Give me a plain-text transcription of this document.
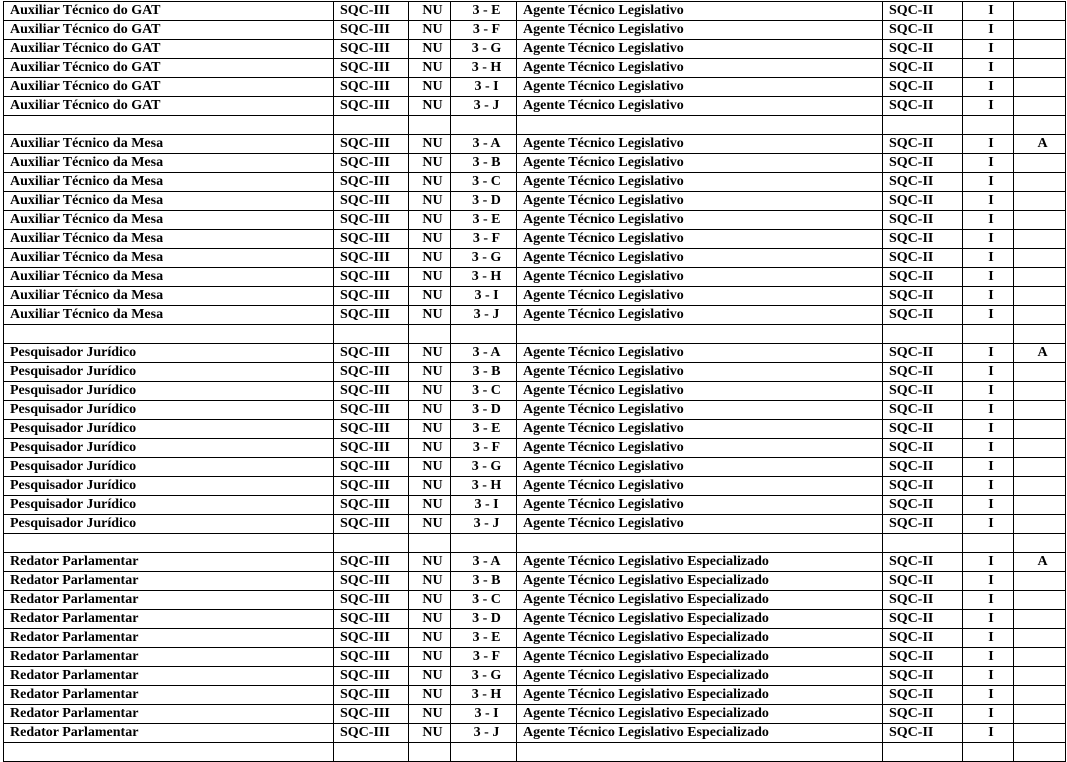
Auxiliar Técnico do GAT	SQC-III	NU	3 - E	Agente Técnico Legislativo	SQC-II	I	
Auxiliar Técnico do GAT	SQC-III	NU	3 - F	Agente Técnico Legislativo	SQC-II	I	
Auxiliar Técnico do GAT	SQC-III	NU	3 - G	Agente Técnico Legislativo	SQC-II	I	
Auxiliar Técnico do GAT	SQC-III	NU	3 - H	Agente Técnico Legislativo	SQC-II	I	
Auxiliar Técnico do GAT	SQC-III	NU	3 - I	Agente Técnico Legislativo	SQC-II	I	
Auxiliar Técnico do GAT	SQC-III	NU	3 - J	Agente Técnico Legislativo	SQC-II	I	

Auxiliar Técnico da Mesa	SQC-III	NU	3 - A	Agente Técnico Legislativo	SQC-II	I	A
Auxiliar Técnico da Mesa	SQC-III	NU	3 - B	Agente Técnico Legislativo	SQC-II	I	
Auxiliar Técnico da Mesa	SQC-III	NU	3 - C	Agente Técnico Legislativo	SQC-II	I	
Auxiliar Técnico da Mesa	SQC-III	NU	3 - D	Agente Técnico Legislativo	SQC-II	I	
Auxiliar Técnico da Mesa	SQC-III	NU	3 - E	Agente Técnico Legislativo	SQC-II	I	
Auxiliar Técnico da Mesa	SQC-III	NU	3 - F	Agente Técnico Legislativo	SQC-II	I	
Auxiliar Técnico da Mesa	SQC-III	NU	3 - G	Agente Técnico Legislativo	SQC-II	I	
Auxiliar Técnico da Mesa	SQC-III	NU	3 - H	Agente Técnico Legislativo	SQC-II	I	
Auxiliar Técnico da Mesa	SQC-III	NU	3 - I	Agente Técnico Legislativo	SQC-II	I	
Auxiliar Técnico da Mesa	SQC-III	NU	3 - J	Agente Técnico Legislativo	SQC-II	I	

Pesquisador Jurídico	SQC-III	NU	3 - A	Agente Técnico Legislativo	SQC-II	I	A
Pesquisador Jurídico	SQC-III	NU	3 - B	Agente Técnico Legislativo	SQC-II	I	
Pesquisador Jurídico	SQC-III	NU	3 - C	Agente Técnico Legislativo	SQC-II	I	
Pesquisador Jurídico	SQC-III	NU	3 - D	Agente Técnico Legislativo	SQC-II	I	
Pesquisador Jurídico	SQC-III	NU	3 - E	Agente Técnico Legislativo	SQC-II	I	
Pesquisador Jurídico	SQC-III	NU	3 - F	Agente Técnico Legislativo	SQC-II	I	
Pesquisador Jurídico	SQC-III	NU	3 - G	Agente Técnico Legislativo	SQC-II	I	
Pesquisador Jurídico	SQC-III	NU	3 - H	Agente Técnico Legislativo	SQC-II	I	
Pesquisador Jurídico	SQC-III	NU	3 - I	Agente Técnico Legislativo	SQC-II	I	
Pesquisador Jurídico	SQC-III	NU	3 - J	Agente Técnico Legislativo	SQC-II	I	

Redator Parlamentar	SQC-III	NU	3 - A	Agente Técnico Legislativo Especializado	SQC-II	I	A
Redator Parlamentar	SQC-III	NU	3 - B	Agente Técnico Legislativo Especializado	SQC-II	I	
Redator Parlamentar	SQC-III	NU	3 - C	Agente Técnico Legislativo Especializado	SQC-II	I	
Redator Parlamentar	SQC-III	NU	3 - D	Agente Técnico Legislativo Especializado	SQC-II	I	
Redator Parlamentar	SQC-III	NU	3 - E	Agente Técnico Legislativo Especializado	SQC-II	I	
Redator Parlamentar	SQC-III	NU	3 - F	Agente Técnico Legislativo Especializado	SQC-II	I	
Redator Parlamentar	SQC-III	NU	3 - G	Agente Técnico Legislativo Especializado	SQC-II	I	
Redator Parlamentar	SQC-III	NU	3 - H	Agente Técnico Legislativo Especializado	SQC-II	I	
Redator Parlamentar	SQC-III	NU	3 - I	Agente Técnico Legislativo Especializado	SQC-II	I	
Redator Parlamentar	SQC-III	NU	3 - J	Agente Técnico Legislativo Especializado	SQC-II	I	
